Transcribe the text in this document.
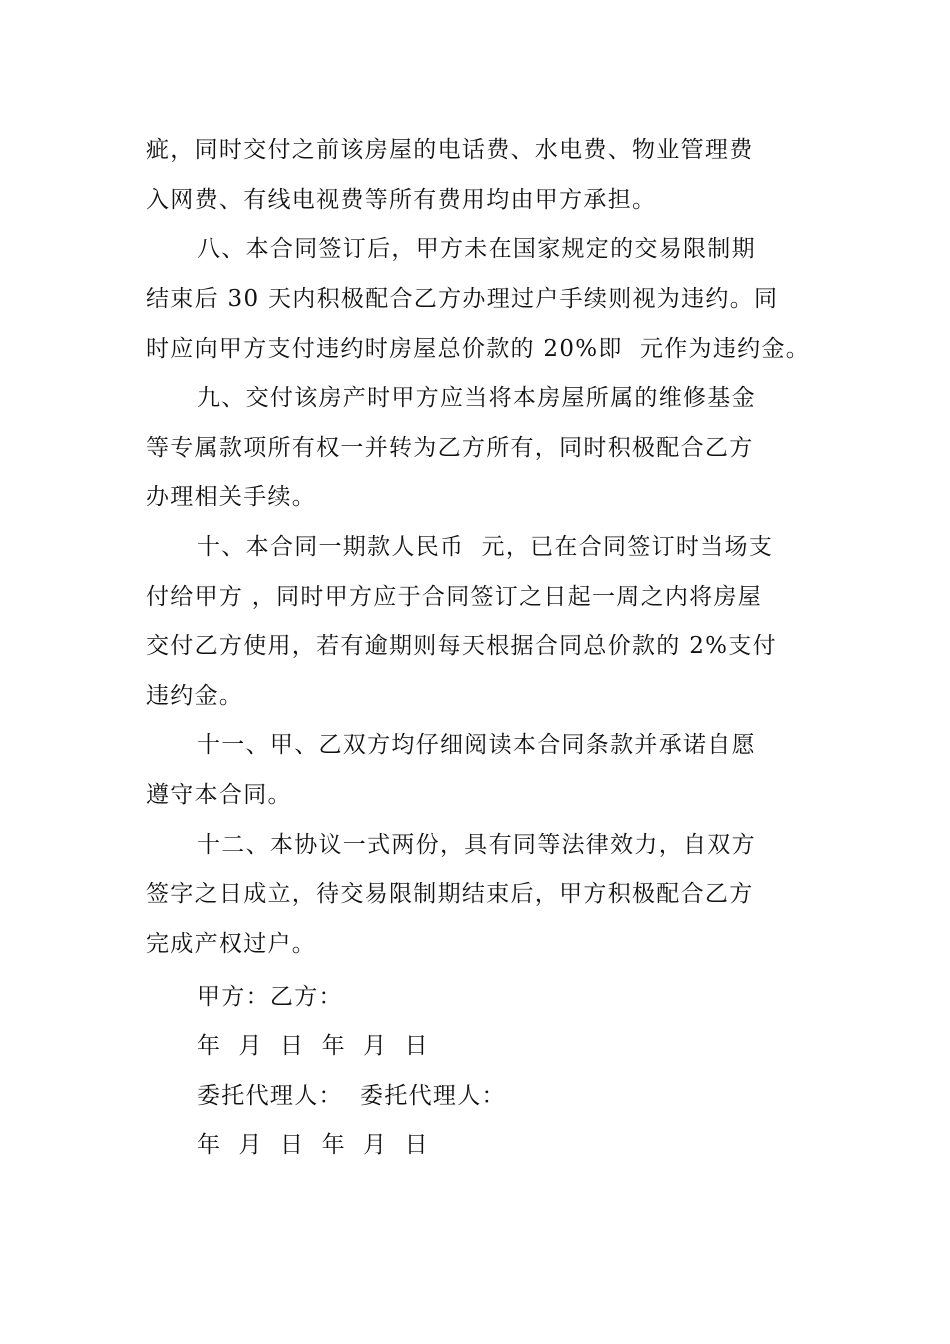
疵，同时交付之前该房屋的电话费、水电费、物业管理费

入网费、有线电视费等所有费用均由甲方承担。

八、本合同签订后，甲方未在国家规定的交易限制期

结束后 30 天内积极配合乙方办理过户手续则视为违约。同

时应向甲方支付违约时房屋总价款的 20%即  元作为违约金。

九、交付该房产时甲方应当将本房屋所属的维修基金

等专属款项所有权一并转为乙方所有，同时积极配合乙方

办理相关手续。

十、本合同一期款人民币  元，已在合同签订时当场支

付给甲方 ，同时甲方应于合同签订之日起一周之内将房屋

交付乙方使用，若有逾期则每天根据合同总价款的 2%支付

违约金。

十一、甲、乙双方均仔细阅读本合同条款并承诺自愿

遵守本合同。

十二、本协议一式两份，具有同等法律效力，自双方

签字之日成立，待交易限制期结束后，甲方积极配合乙方

完成产权过户。

甲方：乙方：

年  月  日  年  月  日

委托代理人：  委托代理人：

年  月  日  年  月  日
